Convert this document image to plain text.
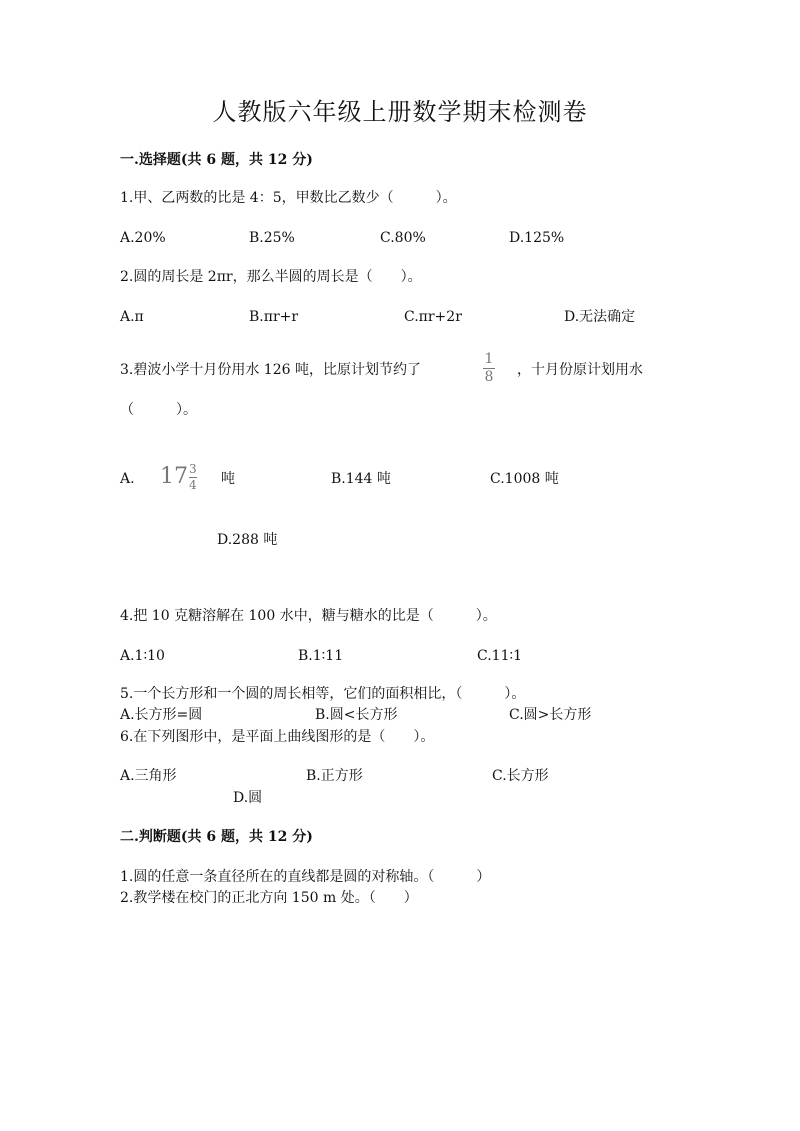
人教版六年级上册数学期末检测卷
一.选择题(共 6 题，共 12 分)
1.甲、乙两数的比是 4：5，甲数比乙数少（　　　）。
A.20%	B.25%	C.80%	D.125%
2.圆的周长是 2πr，那么半圆的周长是（　　）。
A.π	B.πr+r	C.πr+2r	D.无法确定
3.碧波小学十月份用水 126 吨，比原计划节约了
1
8 ，十月份原计划用水
（　　　）。
A. $17 \frac{3}{4}$ 吨	B.144 吨	C.1008 吨
D.288 吨
4.把 10 克糖溶解在 100 水中，糖与糖水的比是（　　　）。
A.1∶10	B.1∶11	C.11∶1
5.一个长方形和一个圆的周长相等，它们的面积相比，（　　　）。
A.长方形=圆	B.圆<长方形	C.圆>长方形
6.在下列图形中，是平面上曲线图形的是（　　）。
A.三角形	B.正方形	C.长方形
D.圆
二.判断题(共 6 题，共 12 分)
1.圆的任意一条直径所在的直线都是圆的对称轴。（　　　）
2.教学楼在校门的正北方向 150 m 处。（　　）
